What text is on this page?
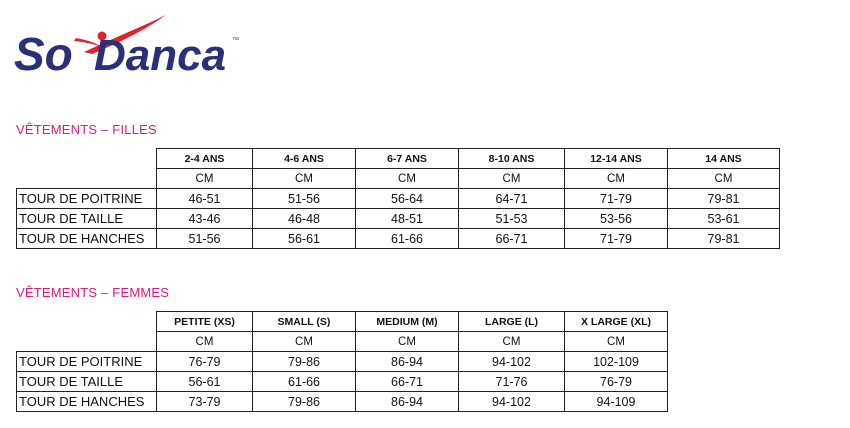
So Danca ™
VÊTEMENTS – FILLES
	2-4 ANS	4-6 ANS	6-7 ANS	8-10 ANS	12-14 ANS	14 ANS
	CM	CM	CM	CM	CM	CM
TOUR DE POITRINE	46-51	51-56	56-64	64-71	71-79	79-81
TOUR DE TAILLE	43-46	46-48	48-51	51-53	53-56	53-61
TOUR DE HANCHES	51-56	56-61	61-66	66-71	71-79	79-81
VÊTEMENTS – FEMMES
	PETITE (XS)	SMALL (S)	MEDIUM (M)	LARGE (L)	X LARGE (XL)
	CM	CM	CM	CM	CM
TOUR DE POITRINE	76-79	79-86	86-94	94-102	102-109
TOUR DE TAILLE	56-61	61-66	66-71	71-76	76-79
TOUR DE HANCHES	73-79	79-86	86-94	94-102	94-109
